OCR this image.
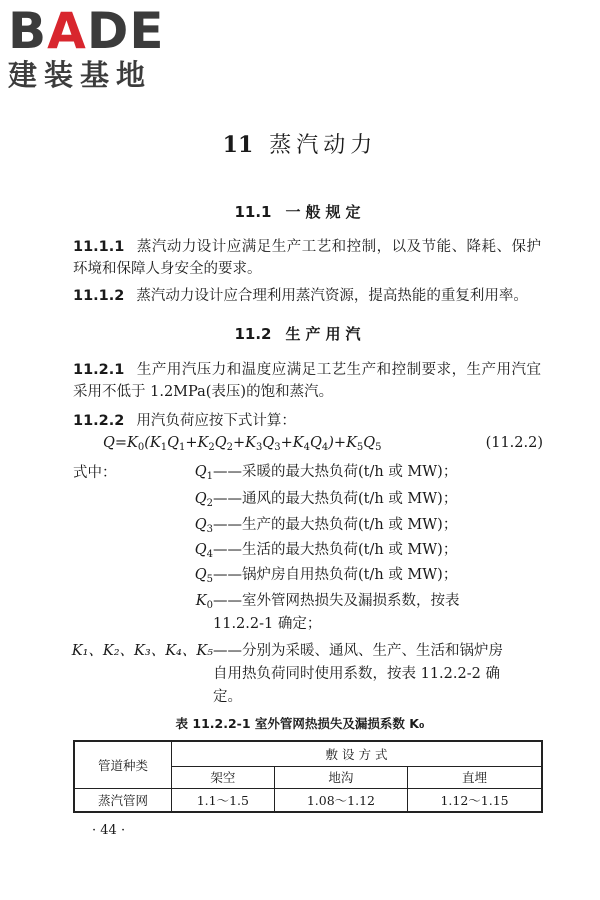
BADE
建装基地
11 蒸汽动力
11.1 一般规定
11.1.1 蒸汽动力设计应满足生产工艺和控制，以及节能、降耗、保护环境和保障人身安全的要求。
11.1.2 蒸汽动力设计应合理利用蒸汽资源，提高热能的重复利用率。
11.2 生产用汽
11.2.1 生产用汽压力和温度应满足工艺生产和控制要求，生产用汽宜采用不低于 1.2MPa(表压)的饱和蒸汽。
11.2.2 用汽负荷应按下式计算：
$Q=K_0(K_1Q_1+K_2Q_2+K_3Q_3+K_4Q_4)+K_5Q_5$	(11.2.2)
式中：	$Q_1$ ——采暖的最大热负荷(t/h 或 MW)；
$Q_2$ ——通风的最大热负荷(t/h 或 MW)；
$Q_3$ ——生产的最大热负荷(t/h 或 MW)；
$Q_4$ ——生活的最大热负荷(t/h 或 MW)；
$Q_5$ ——锅炉房自用热负荷(t/h 或 MW)；
$K_0$ ——室外管网热损失及漏损系数，按表 11.2.2-1 确定；
K₁、K₂、K₃、K₄、K₅ ——分别为采暖、通风、生产、生活和锅炉房自用热负荷同时使用系数，按表 11.2.2-2 确定。
表 11.2.2-1 室外管网热损失及漏损系数 K₀
管道种类	敷 设 方 式		
	架空	地沟	直埋
蒸汽管网	1.1～1.5	1.08～1.12	1.12～1.15
· 44 ·
